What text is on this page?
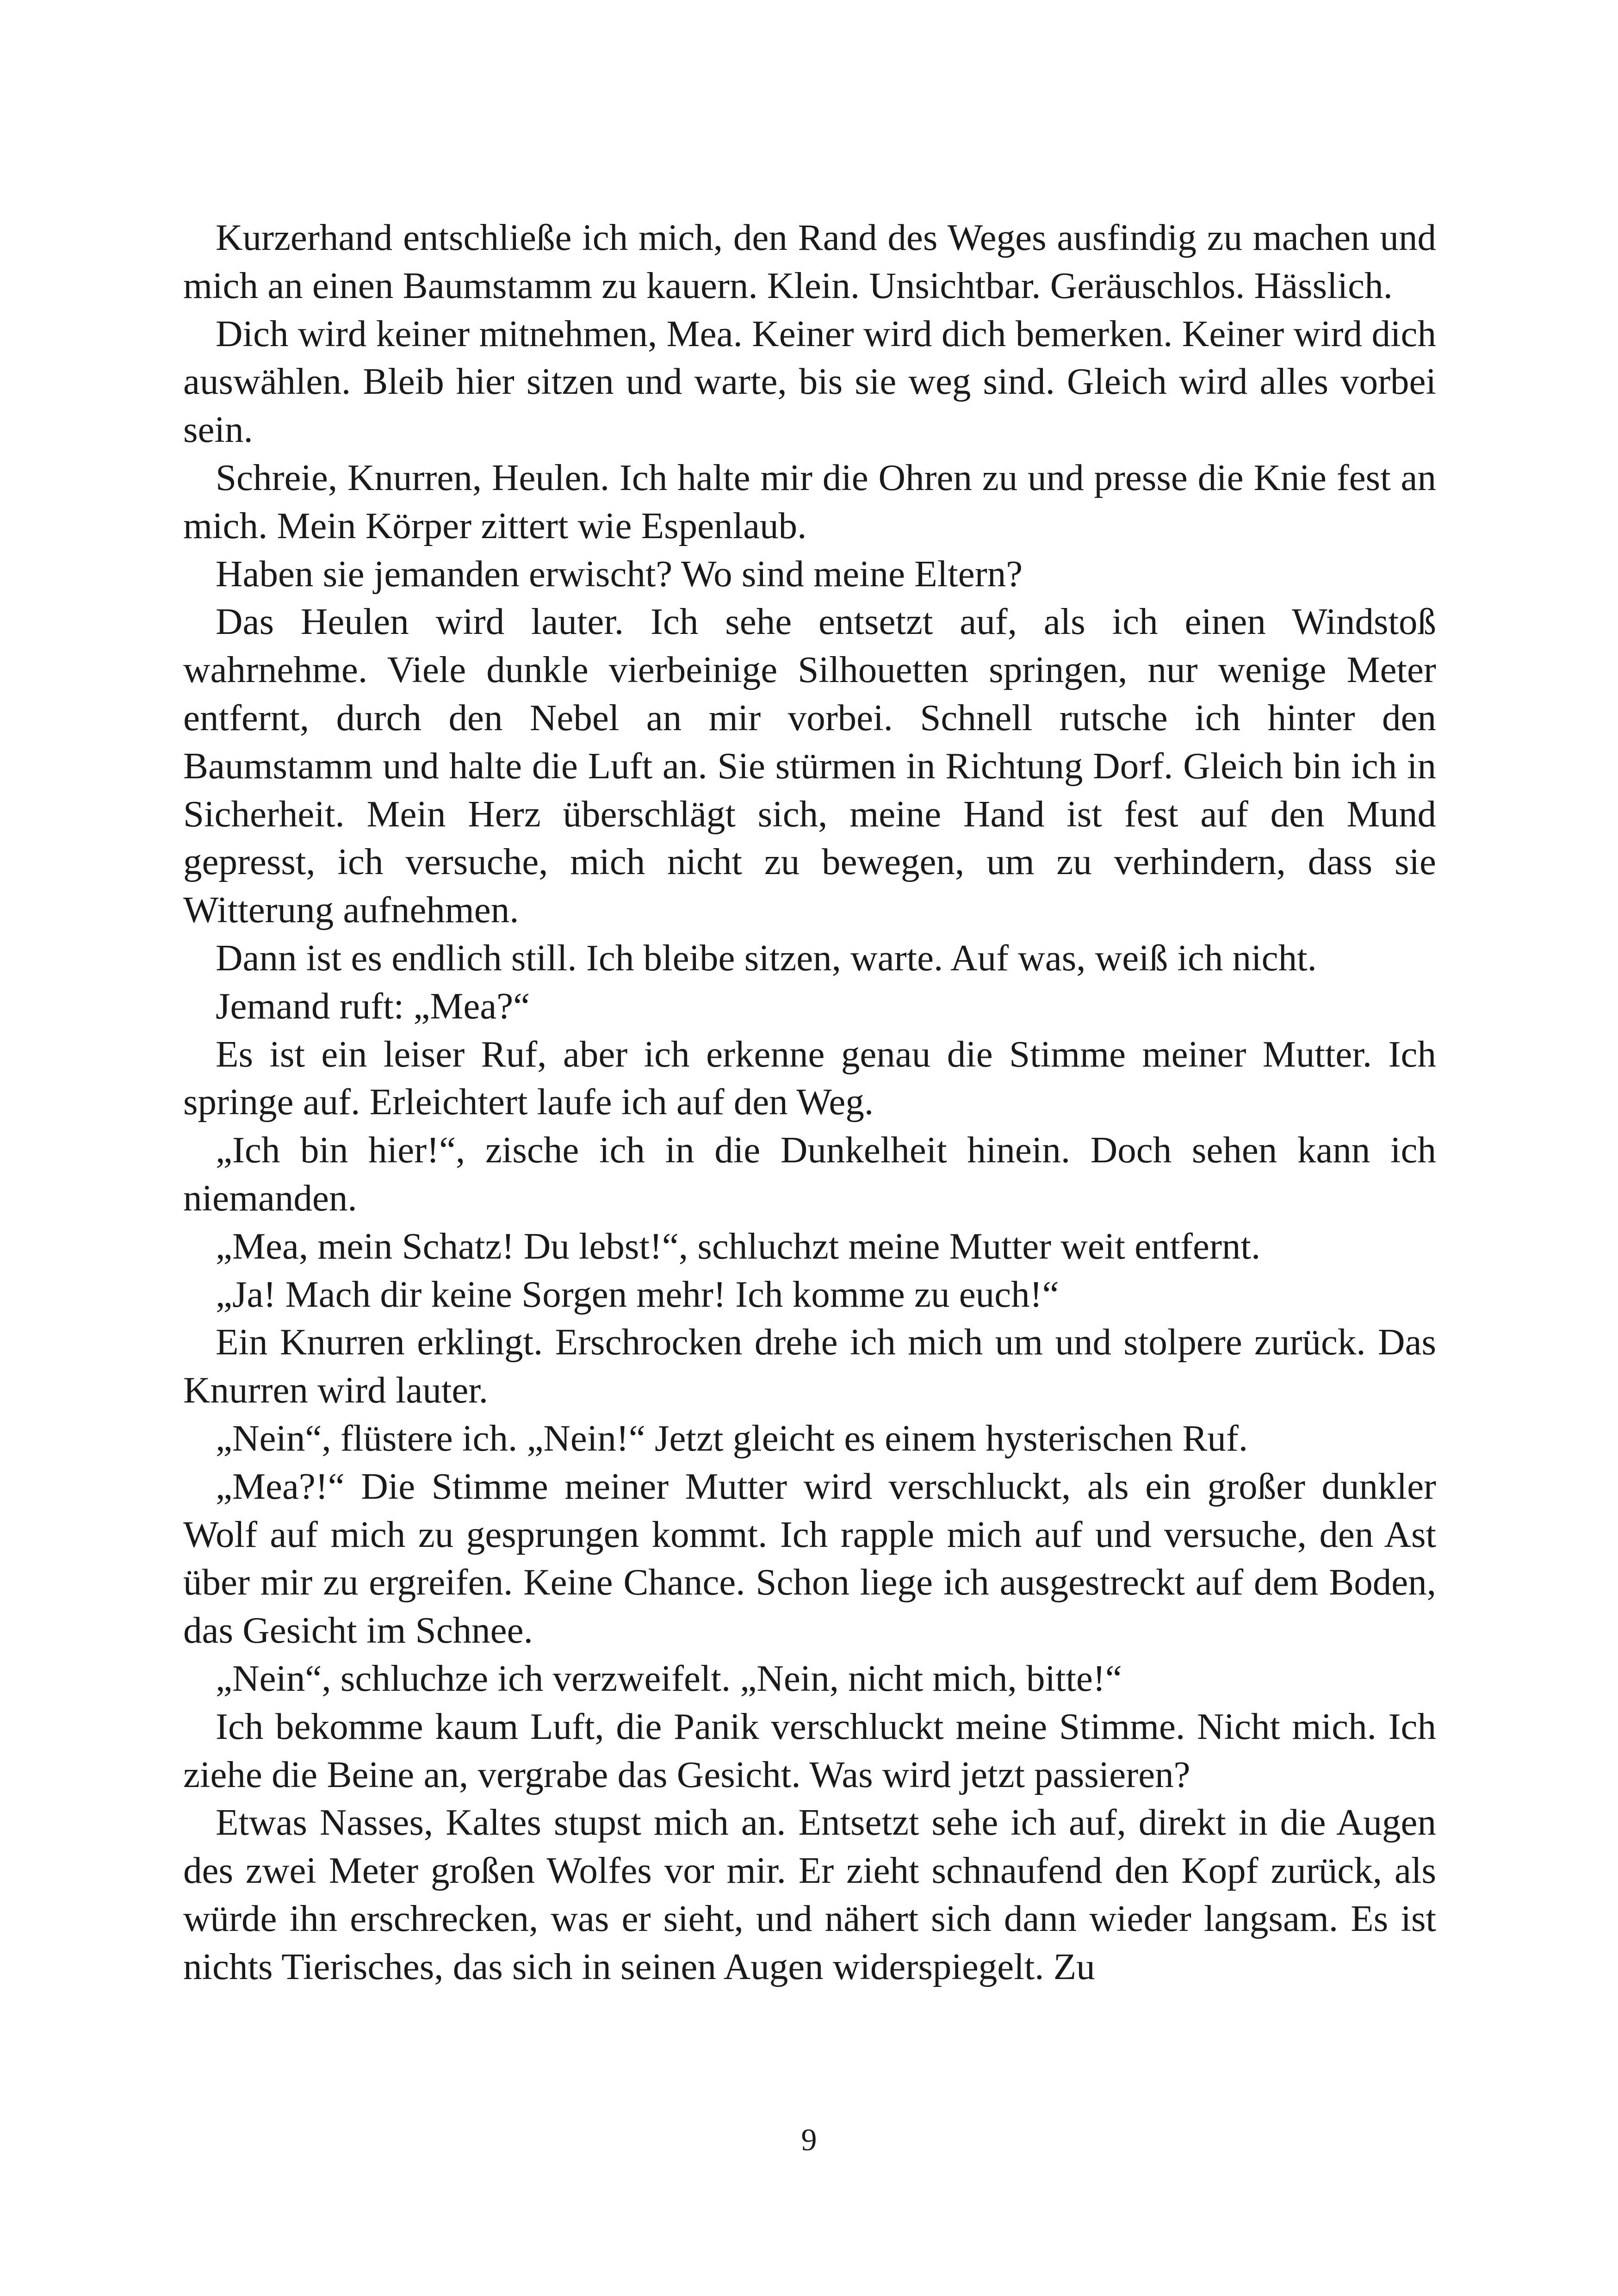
Kurzerhand entschließe ich mich, den Rand des Weges ausfindig zu machen und mich an einen Baumstamm zu kauern. Klein. Unsichtbar. Geräuschlos. Hässlich.

Dich wird keiner mitnehmen, Mea. Keiner wird dich bemerken. Keiner wird dich auswählen. Bleib hier sitzen und warte, bis sie weg sind. Gleich wird alles vorbei sein.

Schreie, Knurren, Heulen. Ich halte mir die Ohren zu und presse die Knie fest an mich. Mein Körper zittert wie Espenlaub.

Haben sie jemanden erwischt? Wo sind meine Eltern?

Das Heulen wird lauter. Ich sehe entsetzt auf, als ich einen Windstoß wahrnehme. Viele dunkle vierbeinige Silhouetten springen, nur wenige Meter entfernt, durch den Nebel an mir vorbei. Schnell rutsche ich hinter den Baumstamm und halte die Luft an. Sie stürmen in Richtung Dorf. Gleich bin ich in Sicherheit. Mein Herz überschlägt sich, meine Hand ist fest auf den Mund gepresst, ich versuche, mich nicht zu bewegen, um zu verhindern, dass sie Witterung aufnehmen.

Dann ist es endlich still. Ich bleibe sitzen, warte. Auf was, weiß ich nicht.

Jemand ruft: „Mea?“

Es ist ein leiser Ruf, aber ich erkenne genau die Stimme meiner Mutter. Ich springe auf. Erleichtert laufe ich auf den Weg.

„Ich bin hier!“, zische ich in die Dunkelheit hinein. Doch sehen kann ich niemanden.

„Mea, mein Schatz! Du lebst!“, schluchzt meine Mutter weit entfernt.

„Ja! Mach dir keine Sorgen mehr! Ich komme zu euch!“

Ein Knurren erklingt. Erschrocken drehe ich mich um und stolpere zurück. Das Knurren wird lauter.

„Nein“, flüstere ich. „Nein!“ Jetzt gleicht es einem hysterischen Ruf.

„Mea?!“ Die Stimme meiner Mutter wird verschluckt, als ein großer dunkler Wolf auf mich zu gesprungen kommt. Ich rapple mich auf und versuche, den Ast über mir zu ergreifen. Keine Chance. Schon liege ich ausgestreckt auf dem Boden, das Gesicht im Schnee.

„Nein“, schluchze ich verzweifelt. „Nein, nicht mich, bitte!“

Ich bekomme kaum Luft, die Panik verschluckt meine Stimme. Nicht mich. Ich ziehe die Beine an, vergrabe das Gesicht. Was wird jetzt passieren?

Etwas Nasses, Kaltes stupst mich an. Entsetzt sehe ich auf, direkt in die Augen des zwei Meter großen Wolfes vor mir. Er zieht schnaufend den Kopf zurück, als würde ihn erschrecken, was er sieht, und nähert sich dann wieder langsam. Es ist nichts Tierisches, das sich in seinen Augen widerspiegelt. Zu

9
